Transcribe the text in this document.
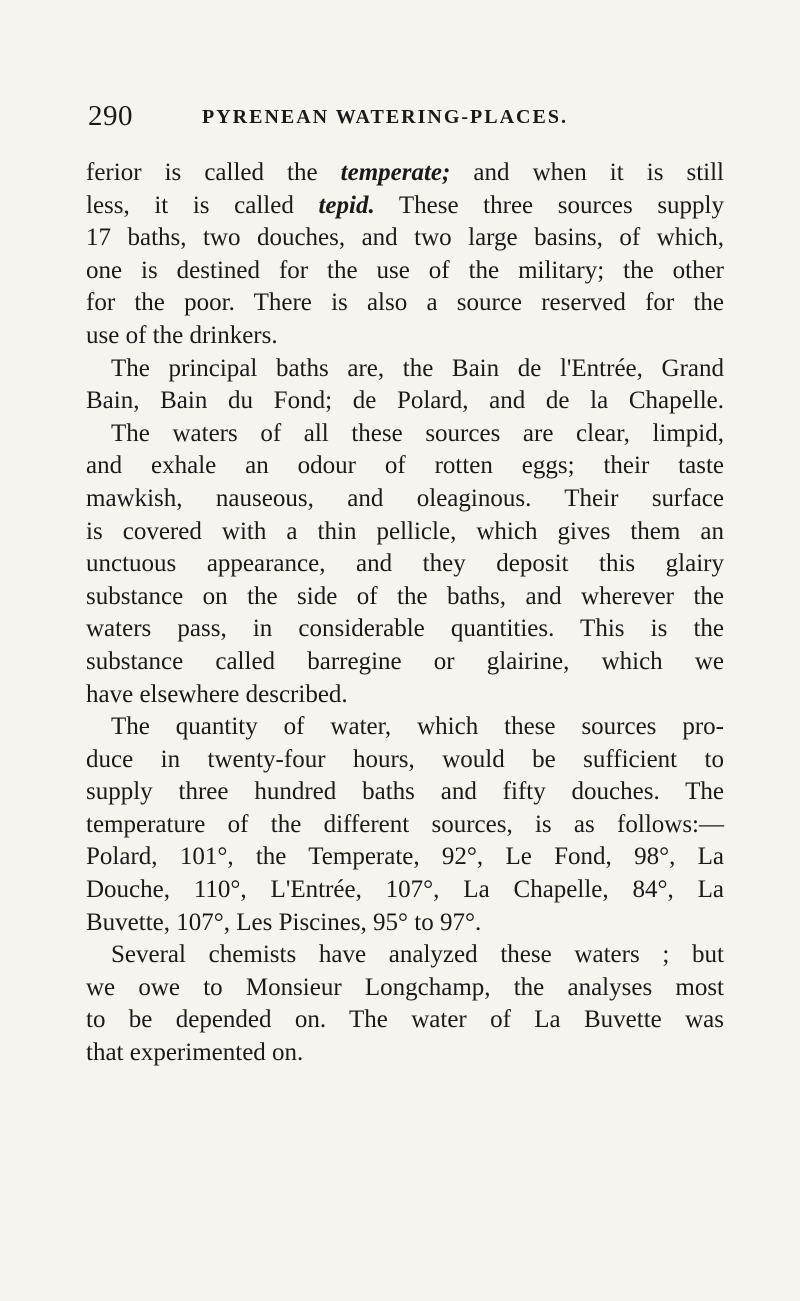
290	PYRENEAN WATERING-PLACES.
ferior is called the temperate; and when it is still
less, it is called tepid. These three sources supply
17 baths, two douches, and two large basins, of which,
one is destined for the use of the military; the other
for the poor. There is also a source reserved for the
use of the drinkers.
The principal baths are, the Bain de l'Entrée, Grand
Bain, Bain du Fond; de Polard, and de la Chapelle.
The waters of all these sources are clear, limpid,
and exhale an odour of rotten eggs; their taste
mawkish, nauseous, and oleaginous. Their surface
is covered with a thin pellicle, which gives them an
unctuous appearance, and they deposit this glairy
substance on the side of the baths, and wherever the
waters pass, in considerable quantities. This is the
substance called barregine or glairine, which we
have elsewhere described.
The quantity of water, which these sources pro-
duce in twenty-four hours, would be sufficient to
supply three hundred baths and fifty douches. The
temperature of the different sources, is as follows:—
Polard, 101°, the Temperate, 92°, Le Fond, 98°, La
Douche, 110°, L'Entrée, 107°, La Chapelle, 84°, La
Buvette, 107°, Les Piscines, 95° to 97°.
Several chemists have analyzed these waters ; but
we owe to Monsieur Longchamp, the analyses most
to be depended on. The water of La Buvette was
that experimented on.
